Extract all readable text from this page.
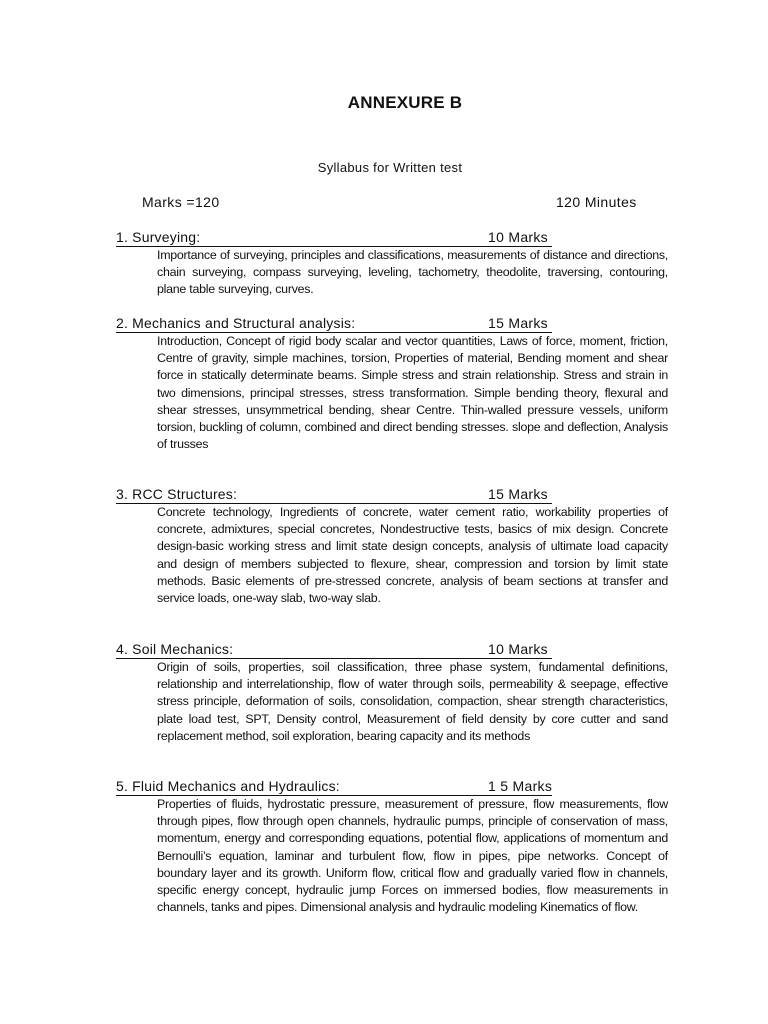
ANNEXURE B
Syllabus for Written test
Marks =120	120 Minutes
1. Surveying:	10 Marks

Importance of surveying, principles and classifications, measurements of distance and directions, chain surveying, compass surveying, leveling, tachometry, theodolite, traversing, contouring, plane table surveying, curves.

2. Mechanics and Structural analysis:	15 Marks

Introduction, Concept of rigid body scalar and vector quantities, Laws of force, moment, friction, Centre of gravity, simple machines, torsion, Properties of material, Bending moment and shear force in statically determinate beams. Simple stress and strain relationship. Stress and strain in two dimensions, principal stresses, stress transformation. Simple bending theory, flexural and shear stresses, unsymmetrical bending, shear Centre. Thin-walled pressure vessels, uniform torsion, buckling of column, combined and direct bending stresses. slope and deflection, Analysis of trusses

3. RCC Structures:	15 Marks

Concrete technology, Ingredients of concrete, water cement ratio, workability properties of concrete, admixtures, special concretes, Nondestructive tests, basics of mix design. Concrete design-basic working stress and limit state design concepts, analysis of ultimate load capacity and design of members subjected to flexure, shear, compression and torsion by limit state methods. Basic elements of pre-stressed concrete, analysis of beam sections at transfer and service loads, one-way slab, two-way slab.

4. Soil Mechanics:	10 Marks

Origin of soils, properties, soil classification, three phase system, fundamental definitions, relationship and interrelationship, flow of water through soils, permeability & seepage, effective stress principle, deformation of soils, consolidation, compaction, shear strength characteristics, plate load test, SPT, Density control, Measurement of field density by core cutter and sand replacement method, soil exploration, bearing capacity and its methods

5. Fluid Mechanics and Hydraulics:	1 5 Marks

Properties of fluids, hydrostatic pressure, measurement of pressure, flow measurements, flow through pipes, flow through open channels, hydraulic pumps, principle of conservation of mass, momentum, energy and corresponding equations, potential flow, applications of momentum and Bernoulli’s equation, laminar and turbulent flow, flow in pipes, pipe networks. Concept of boundary layer and its growth. Uniform flow, critical flow and gradually varied flow in channels, specific energy concept, hydraulic jump Forces on immersed bodies, flow measurements in channels, tanks and pipes. Dimensional analysis and hydraulic modeling Kinematics of flow.
